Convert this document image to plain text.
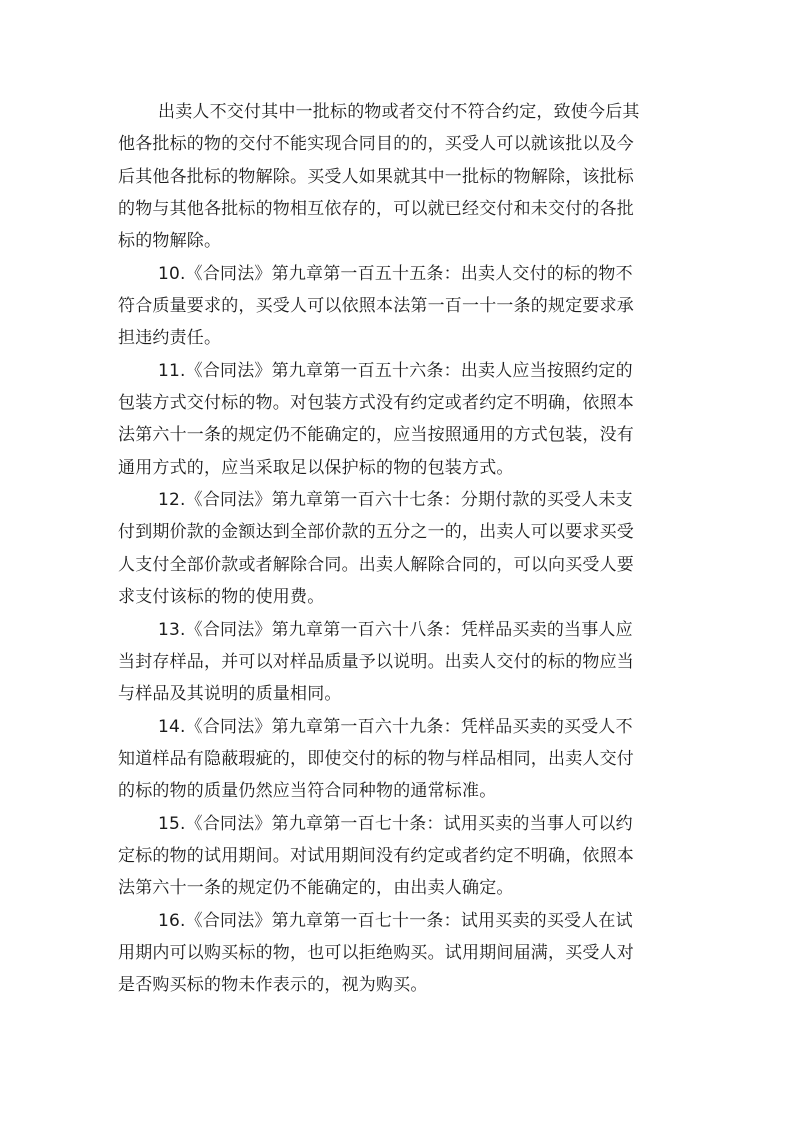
出卖人不交付其中一批标的物或者交付不符合约定，致使今后其
他各批标的物的交付不能实现合同目的的，买受人可以就该批以及今
后其他各批标的物解除。买受人如果就其中一批标的物解除，该批标
的物与其他各批标的物相互依存的，可以就已经交付和未交付的各批
标的物解除。
10.《合同法》第九章第一百五十五条：出卖人交付的标的物不
符合质量要求的，买受人可以依照本法第一百一十一条的规定要求承
担违约责任。
11.《合同法》第九章第一百五十六条：出卖人应当按照约定的
包装方式交付标的物。对包装方式没有约定或者约定不明确，依照本
法第六十一条的规定仍不能确定的，应当按照通用的方式包装，没有
通用方式的，应当采取足以保护标的物的包装方式。
12.《合同法》第九章第一百六十七条：分期付款的买受人未支
付到期价款的金额达到全部价款的五分之一的，出卖人可以要求买受
人支付全部价款或者解除合同。出卖人解除合同的，可以向买受人要
求支付该标的物的使用费。
13.《合同法》第九章第一百六十八条：凭样品买卖的当事人应
当封存样品，并可以对样品质量予以说明。出卖人交付的标的物应当
与样品及其说明的质量相同。
14.《合同法》第九章第一百六十九条：凭样品买卖的买受人不
知道样品有隐蔽瑕疵的，即使交付的标的物与样品相同，出卖人交付
的标的物的质量仍然应当符合同种物的通常标准。
15.《合同法》第九章第一百七十条：试用买卖的当事人可以约
定标的物的试用期间。对试用期间没有约定或者约定不明确，依照本
法第六十一条的规定仍不能确定的，由出卖人确定。
16.《合同法》第九章第一百七十一条：试用买卖的买受人在试
用期内可以购买标的物，也可以拒绝购买。试用期间届满，买受人对
是否购买标的物未作表示的，视为购买。
